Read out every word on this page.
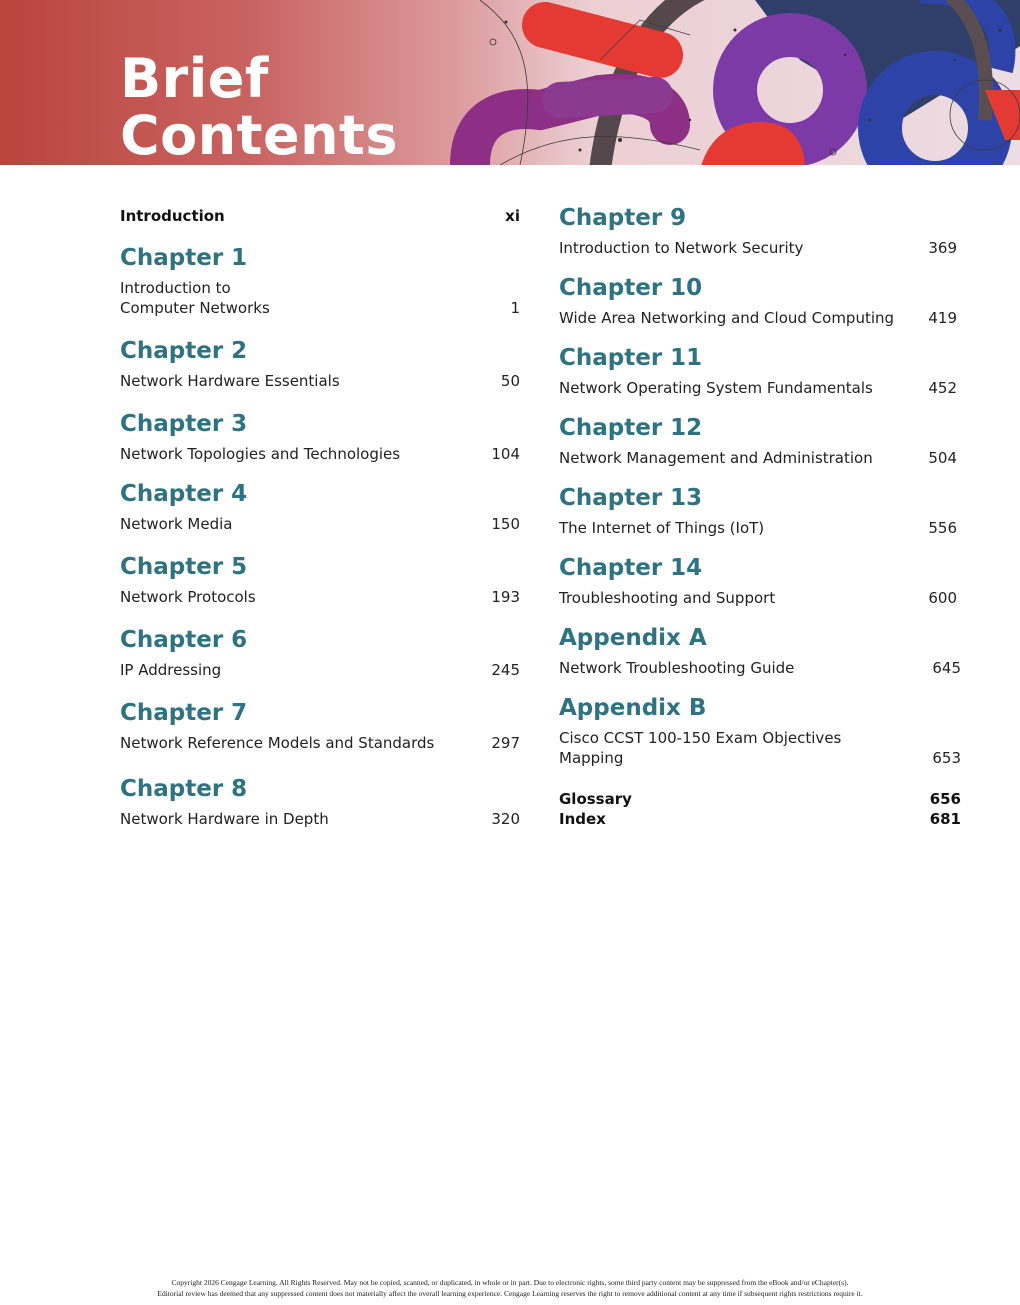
Brief
Contents
Introduction	xi
Chapter 1
Introduction to
Computer Networks	1
Chapter 2
Network Hardware Essentials	50
Chapter 3
Network Topologies and Technologies	104
Chapter 4
Network Media	150
Chapter 5
Network Protocols	193
Chapter 6
IP Addressing	245
Chapter 7
Network Reference Models and Standards	297
Chapter 8
Network Hardware in Depth	320
Chapter 9
Introduction to Network Security	369
Chapter 10
Wide Area Networking and Cloud Computing 419
Chapter 11
Network Operating System Fundamentals	452
Chapter 12
Network Management and Administration	504
Chapter 13
The Internet of Things (IoT)	556
Chapter 14
Troubleshooting and Support	600
Appendix A
Network Troubleshooting Guide	645
Appendix B
Cisco CCST 100-150 Exam Objectives
Mapping	653
Glossary	656
Index	681
Copyright 2026 Cengage Learning. All Rights Reserved. May not be copied, scanned, or duplicated, in whole or in part. Due to electronic rights, some third party content may be suppressed from the eBook and/or eChapter(s).
Editorial review has deemed that any suppressed content does not materially affect the overall learning experience. Cengage Learning reserves the right to remove additional content at any time if subsequent rights restrictions require it.
